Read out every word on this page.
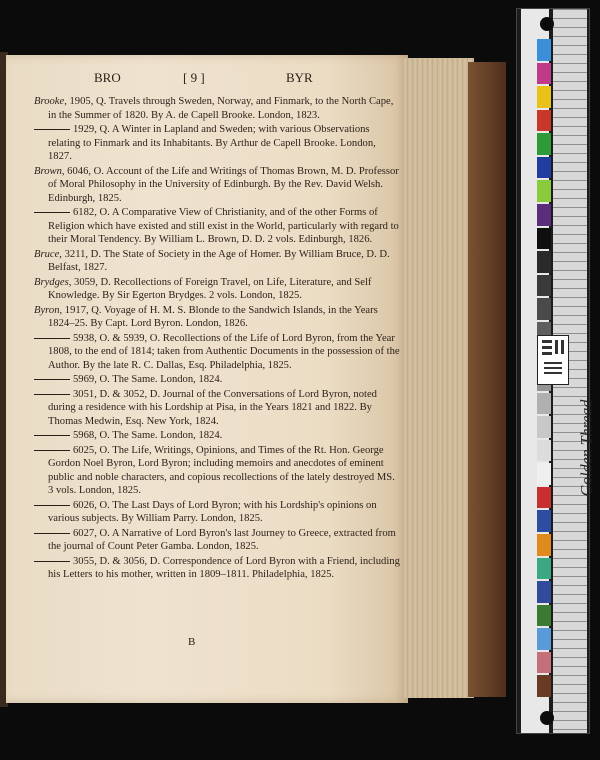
BRO	[ 9 ]	BYR

Brooke, 1905, Q. Travels through Sweden, Norway, and Finmark, to the North Cape, in the Summer of 1820. By A. de Capell Brooke. London, 1823.

1929, Q. A Winter in Lapland and Sweden; with various Observations relating to Finmark and its Inhabitants. By Arthur de Capell Brooke. London, 1827.

Brown, 6046, O. Account of the Life and Writings of Thomas Brown, M. D. Professor of Moral Philosophy in the University of Edinburgh. By the Rev. David Welsh. Edinburgh, 1825.

6182, O. A Comparative View of Christianity, and of the other Forms of Religion which have existed and still exist in the World, particularly with regard to their Moral Tendency. By William L. Brown, D. D. 2 vols. Edinburgh, 1826.

Bruce, 3211, D. The State of Society in the Age of Homer. By William Bruce, D. D. Belfast, 1827.

Brydges, 3059, D. Recollections of Foreign Travel, on Life, Literature, and Self Knowledge. By Sir Egerton Brydges. 2 vols. London, 1825.

Byron, 1917, Q. Voyage of H. M. S. Blonde to the Sandwich Islands, in the Years 1824–25. By Capt. Lord Byron. London, 1826.

5938, O. & 5939, O. Recollections of the Life of Lord Byron, from the Year 1808, to the end of 1814; taken from Authentic Documents in the possession of the Author. By the late R. C. Dallas, Esq. Philadelphia, 1825.

5969, O. The Same. London, 1824.

3051, D. & 3052, D. Journal of the Conversations of Lord Byron, noted during a residence with his Lordship at Pisa, in the Years 1821 and 1822. By Thomas Medwin, Esq. New York, 1824.

5968, O. The Same. London, 1824.

6025, O. The Life, Writings, Opinions, and Times of the Rt. Hon. George Gordon Noel Byron, Lord Byron; including memoirs and anecdotes of eminent public and noble characters, and copious recollections of the lately destroyed MS. 3 vols. London, 1825.

6026, O. The Last Days of Lord Byron; with his Lordship's opinions on various subjects. By William Parry. London, 1825.

6027, O. A Narrative of Lord Byron's last Journey to Greece, extracted from the journal of Count Peter Gamba. London, 1825.

3055, D. & 3056, D. Correspondence of Lord Byron with a Friend, including his Letters to his mother, written in 1809–1811. Philadelphia, 1825.

B
Golden Thread
